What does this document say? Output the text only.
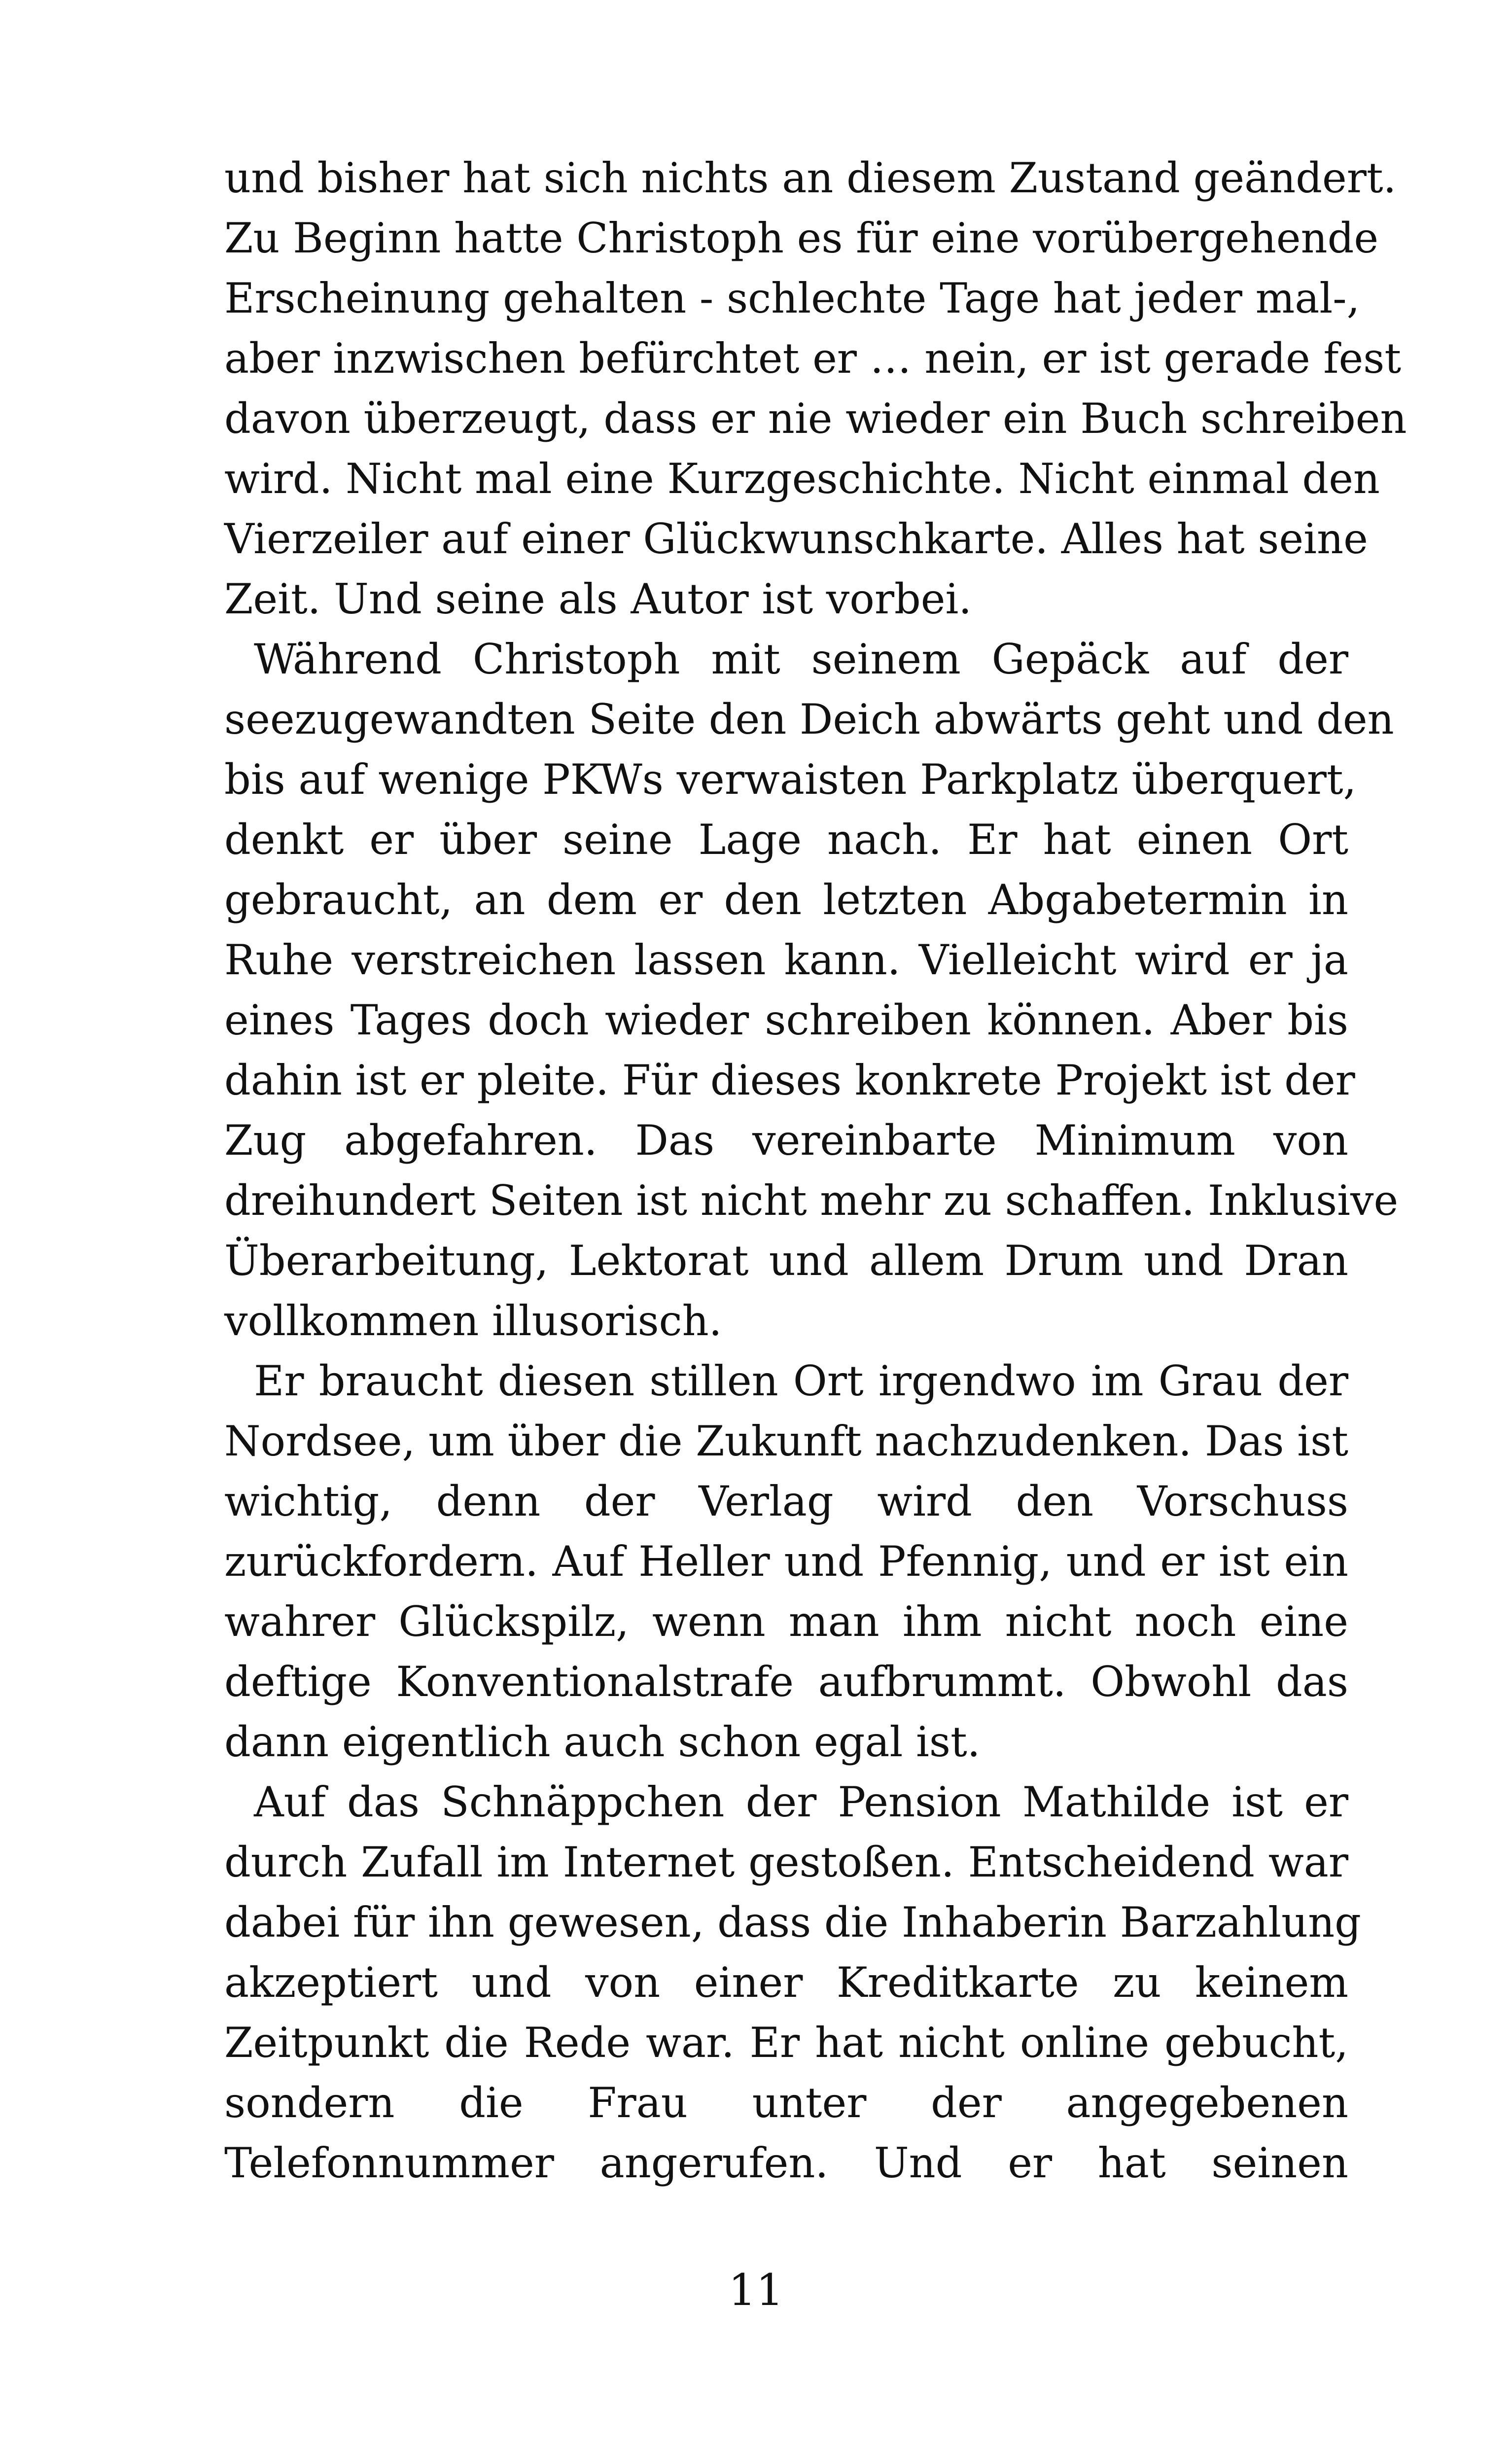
und bisher hat sich nichts an diesem Zustand geändert.
Zu Beginn hatte Christoph es für eine vorübergehende
Erscheinung gehalten - schlechte Tage hat jeder mal-,
aber inzwischen befürchtet er … nein, er ist gerade fest
davon überzeugt, dass er nie wieder ein Buch schreiben
wird. Nicht mal eine Kurzgeschichte. Nicht einmal den
Vierzeiler auf einer Glückwunschkarte. Alles hat seine
Zeit. Und seine als Autor ist vorbei.
Während Christoph mit seinem Gepäck auf der
seezugewandten Seite den Deich abwärts geht und den
bis auf wenige PKWs verwaisten Parkplatz überquert,
denkt er über seine Lage nach. Er hat einen Ort
gebraucht, an dem er den letzten Abgabetermin in
Ruhe verstreichen lassen kann. Vielleicht wird er ja
eines Tages doch wieder schreiben können. Aber bis
dahin ist er pleite. Für dieses konkrete Projekt ist der
Zug abgefahren. Das vereinbarte Minimum von
dreihundert Seiten ist nicht mehr zu schaffen. Inklusive
Überarbeitung, Lektorat und allem Drum und Dran
vollkommen illusorisch.
Er braucht diesen stillen Ort irgendwo im Grau der
Nordsee, um über die Zukunft nachzudenken. Das ist
wichtig, denn der Verlag wird den Vorschuss
zurückfordern. Auf Heller und Pfennig, und er ist ein
wahrer Glückspilz, wenn man ihm nicht noch eine
deftige Konventionalstrafe aufbrummt. Obwohl das
dann eigentlich auch schon egal ist.
Auf das Schnäppchen der Pension Mathilde ist er
durch Zufall im Internet gestoßen. Entscheidend war
dabei für ihn gewesen, dass die Inhaberin Barzahlung
akzeptiert und von einer Kreditkarte zu keinem
Zeitpunkt die Rede war. Er hat nicht online gebucht,
sondern die Frau unter der angegebenen
Telefonnummer angerufen. Und er hat seinen
11
